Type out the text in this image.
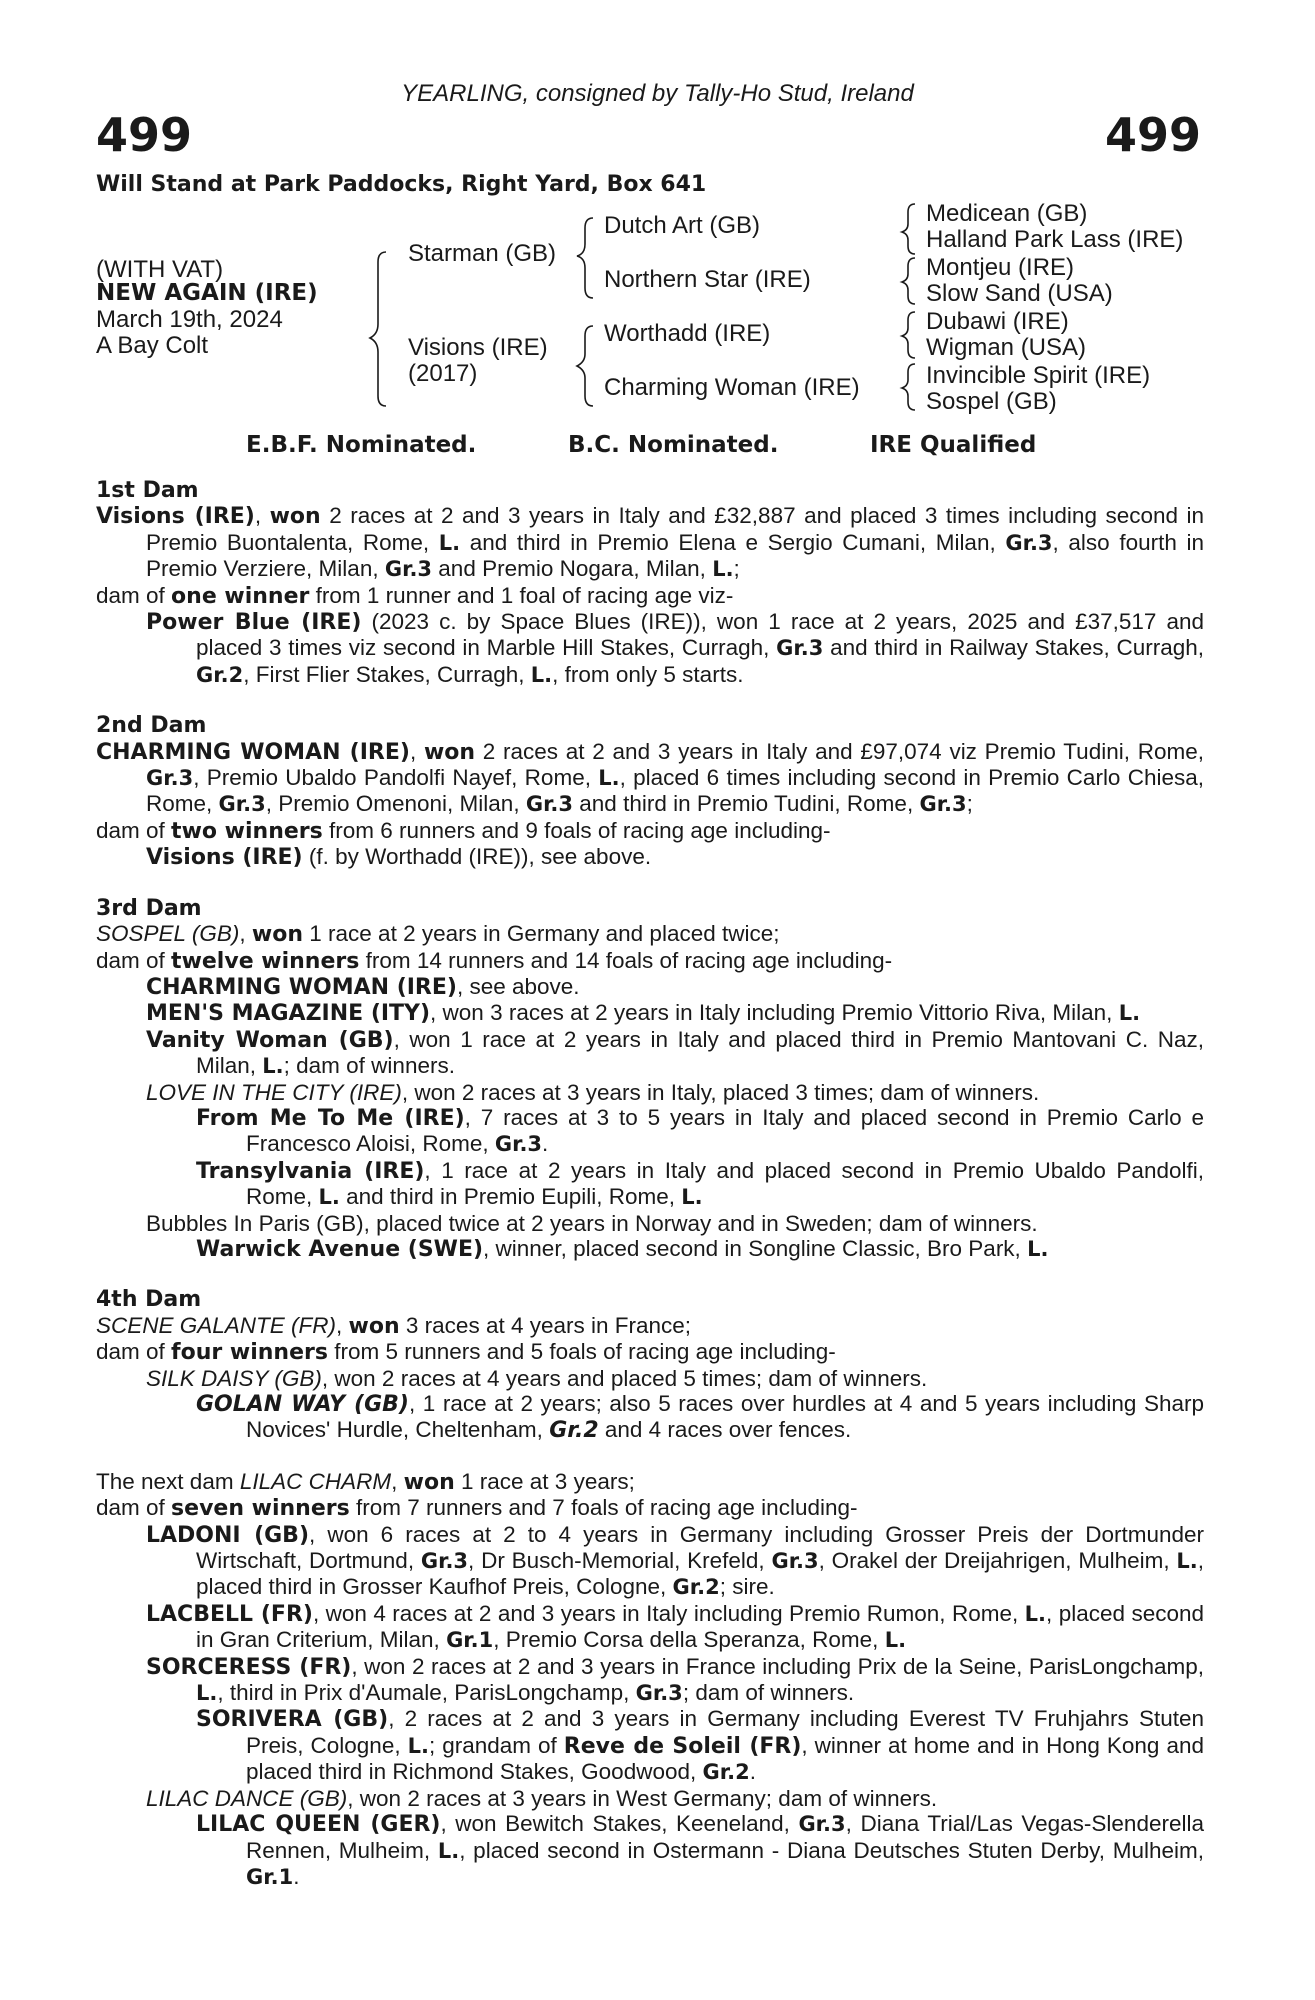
YEARLING, consigned by Tally-Ho Stud, Ireland
499	499
Will Stand at Park Paddocks, Right Yard, Box 641
(WITH VAT)
NEW AGAIN (IRE)
March 19th, 2024
A Bay Colt
Starman (GB)
Visions (IRE)
(2017)
Dutch Art (GB)
Northern Star (IRE)
Worthadd (IRE)
Charming Woman (IRE)
Medicean (GB)
Halland Park Lass (IRE)
Montjeu (IRE)
Slow Sand (USA)
Dubawi (IRE)
Wigman (USA)
Invincible Spirit (IRE)
Sospel (GB)
E.B.F. Nominated.	B.C. Nominated.	IRE Qualified
1st Dam

Visions (IRE), won 2 races at 2 and 3 years in Italy and £32,887 and placed 3 times including second in Premio Buontalenta, Rome, L. and third in Premio Elena e Sergio Cumani, Milan, Gr.3, also fourth in Premio Verziere, Milan, Gr.3 and Premio Nogara, Milan, L.;

dam of one winner from 1 runner and 1 foal of racing age viz-

Power Blue (IRE) (2023 c. by Space Blues (IRE)), won 1 race at 2 years, 2025 and £37,517 and placed 3 times viz second in Marble Hill Stakes, Curragh, Gr.3 and third in Railway Stakes, Curragh, Gr.2, First Flier Stakes, Curragh, L., from only 5 starts.

2nd Dam

CHARMING WOMAN (IRE), won 2 races at 2 and 3 years in Italy and £97,074 viz Premio Tudini, Rome, Gr.3, Premio Ubaldo Pandolfi Nayef, Rome, L., placed 6 times including second in Premio Carlo Chiesa, Rome, Gr.3, Premio Omenoni, Milan, Gr.3 and third in Premio Tudini, Rome, Gr.3;

dam of two winners from 6 runners and 9 foals of racing age including-

Visions (IRE) (f. by Worthadd (IRE)), see above.

3rd Dam

SOSPEL (GB), won 1 race at 2 years in Germany and placed twice;

dam of twelve winners from 14 runners and 14 foals of racing age including-

CHARMING WOMAN (IRE), see above.

MEN'S MAGAZINE (ITY), won 3 races at 2 years in Italy including Premio Vittorio Riva, Milan, L.

Vanity Woman (GB), won 1 race at 2 years in Italy and placed third in Premio Mantovani C. Naz, Milan, L.; dam of winners.

LOVE IN THE CITY (IRE), won 2 races at 3 years in Italy, placed 3 times; dam of winners.

From Me To Me (IRE), 7 races at 3 to 5 years in Italy and placed second in Premio Carlo e Francesco Aloisi, Rome, Gr.3.

Transylvania (IRE), 1 race at 2 years in Italy and placed second in Premio Ubaldo Pandolfi, Rome, L. and third in Premio Eupili, Rome, L.

Bubbles In Paris (GB), placed twice at 2 years in Norway and in Sweden; dam of winners.

Warwick Avenue (SWE), winner, placed second in Songline Classic, Bro Park, L.

4th Dam

SCENE GALANTE (FR), won 3 races at 4 years in France;

dam of four winners from 5 runners and 5 foals of racing age including-

SILK DAISY (GB), won 2 races at 4 years and placed 5 times; dam of winners.

GOLAN WAY (GB), 1 race at 2 years; also 5 races over hurdles at 4 and 5 years including Sharp Novices' Hurdle, Cheltenham, Gr.2 and 4 races over fences.

The next dam LILAC CHARM, won 1 race at 3 years;

dam of seven winners from 7 runners and 7 foals of racing age including-

LADONI (GB), won 6 races at 2 to 4 years in Germany including Grosser Preis der Dortmunder Wirtschaft, Dortmund, Gr.3, Dr Busch-Memorial, Krefeld, Gr.3, Orakel der Dreijahrigen, Mulheim, L., placed third in Grosser Kaufhof Preis, Cologne, Gr.2; sire.

LACBELL (FR), won 4 races at 2 and 3 years in Italy including Premio Rumon, Rome, L., placed second in Gran Criterium, Milan, Gr.1, Premio Corsa della Speranza, Rome, L.

SORCERESS (FR), won 2 races at 2 and 3 years in France including Prix de la Seine, ParisLongchamp, L., third in Prix d'Aumale, ParisLongchamp, Gr.3; dam of winners.

SORIVERA (GB), 2 races at 2 and 3 years in Germany including Everest TV Fruhjahrs Stuten Preis, Cologne, L.; grandam of Reve de Soleil (FR), winner at home and in Hong Kong and placed third in Richmond Stakes, Goodwood, Gr.2.

LILAC DANCE (GB), won 2 races at 3 years in West Germany; dam of winners.

LILAC QUEEN (GER), won Bewitch Stakes, Keeneland, Gr.3, Diana Trial/Las Vegas-Slenderella Rennen, Mulheim, L., placed second in Ostermann - Diana Deutsches Stuten Derby, Mulheim, Gr.1.
